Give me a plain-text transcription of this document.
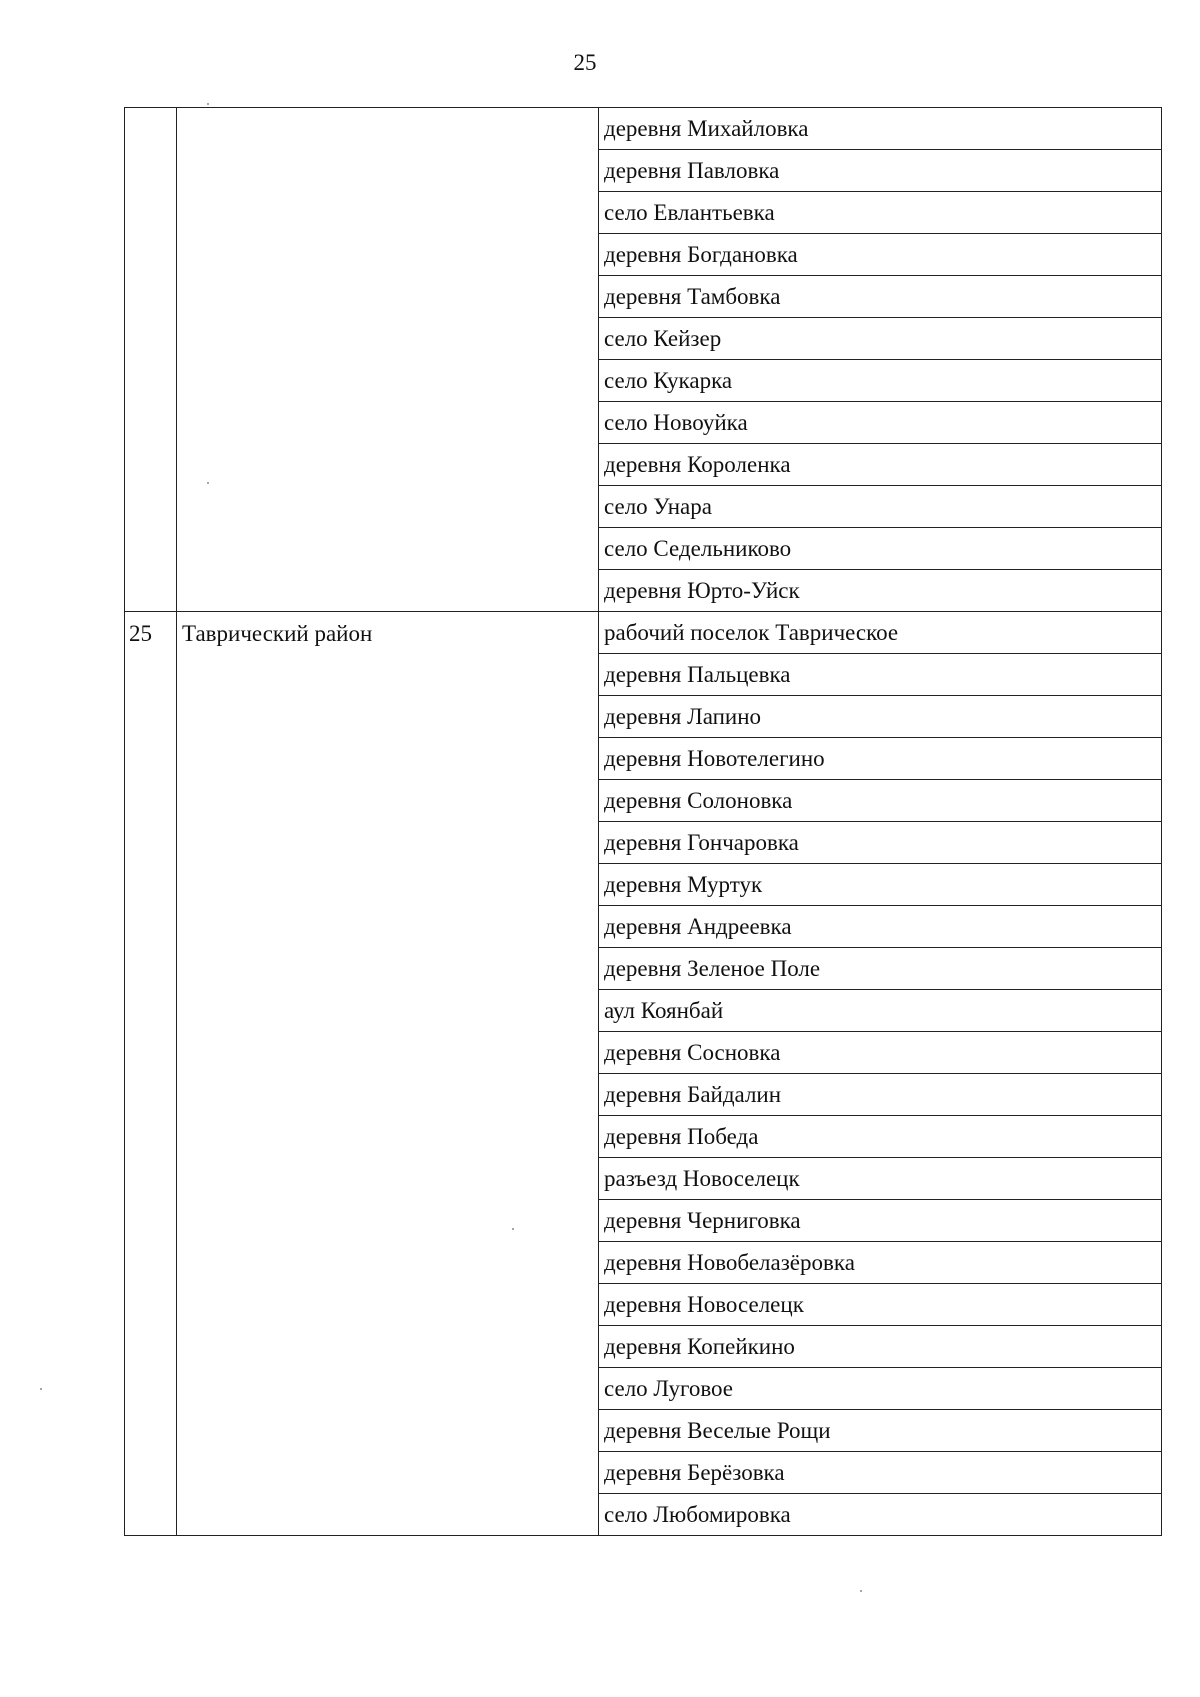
25
		деревня Михайловка
		деревня Павловка
		село Евлантьевка
		деревня Богдановка
		деревня Тамбовка
		село Кейзер
		село Кукарка
		село Новоуйка
		деревня Короленка
		село Унара
		село Седельниково
		деревня Юрто-Уйск
25	Таврический район	рабочий поселок Таврическое
		деревня Пальцевка
		деревня Лапино
		деревня Новотелегино
		деревня Солоновка
		деревня Гончаровка
		деревня Муртук
		деревня Андреевка
		деревня Зеленое Поле
		аул Коянбай
		деревня Сосновка
		деревня Байдалин
		деревня Победа
		разъезд Новоселецк
		деревня Черниговка
		деревня Новобелазёровка
		деревня Новоселецк
		деревня Копейкино
		село Луговое
		деревня Веселые Рощи
		деревня Берёзовка
		село Любомировка
